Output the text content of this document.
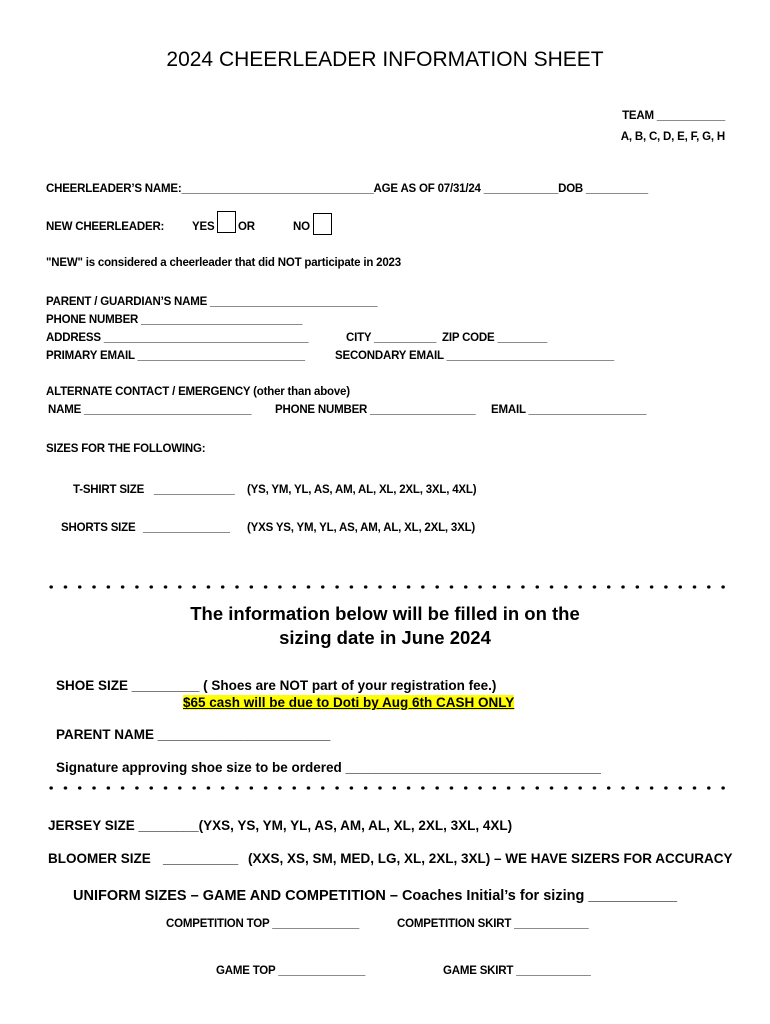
2024 CHEERLEADER INFORMATION SHEET
TEAM ___________
A, B, C, D, E, F, G, H
CHEERLEADER’S NAME:_______________________________AGE AS OF 07/31/24 ____________DOB __________
NEW CHEERLEADER: YES OR	NO
"NEW" is considered a cheerleader that did NOT participate in 2023
PARENT / GUARDIAN’S NAME ___________________________
PHONE NUMBER __________________________
ADDRESS _________________________________	CITY __________ ZIP CODE ________
PRIMARY EMAIL ___________________________	SECONDARY EMAIL ___________________________
ALTERNATE CONTACT / EMERGENCY (other than above)
NAME ___________________________ PHONE NUMBER _________________ EMAIL ___________________
SIZES FOR THE FOLLOWING:
T-SHIRT SIZE _____________ (YS, YM, YL, AS, AM, AL, XL, 2XL, 3XL, 4XL)
SHORTS SIZE ______________ (YXS YS, YM, YL, AS, AM, AL, XL, 2XL, 3XL)
The information below will be filled in on the
sizing date in June 2024
SHOE SIZE _________ ( Shoes are NOT part of your registration fee.)
$65 cash will be due to Doti by Aug 6th CASH ONLY
PARENT NAME _______________________
Signature approving shoe size to be ordered __________________________________
JERSEY SIZE ________(YXS, YS, YM, YL, AS, AM, AL, XL, 2XL, 3XL, 4XL)
BLOOMER SIZE __________ (XXS, XS, SM, MED, LG, XL, 2XL, 3XL) – WE HAVE SIZERS FOR ACCURACY
UNIFORM SIZES – GAME AND COMPETITION – Coaches Initial’s for sizing ___________
COMPETITION TOP ______________	COMPETITION SKIRT ____________
GAME TOP ______________	GAME SKIRT ____________
